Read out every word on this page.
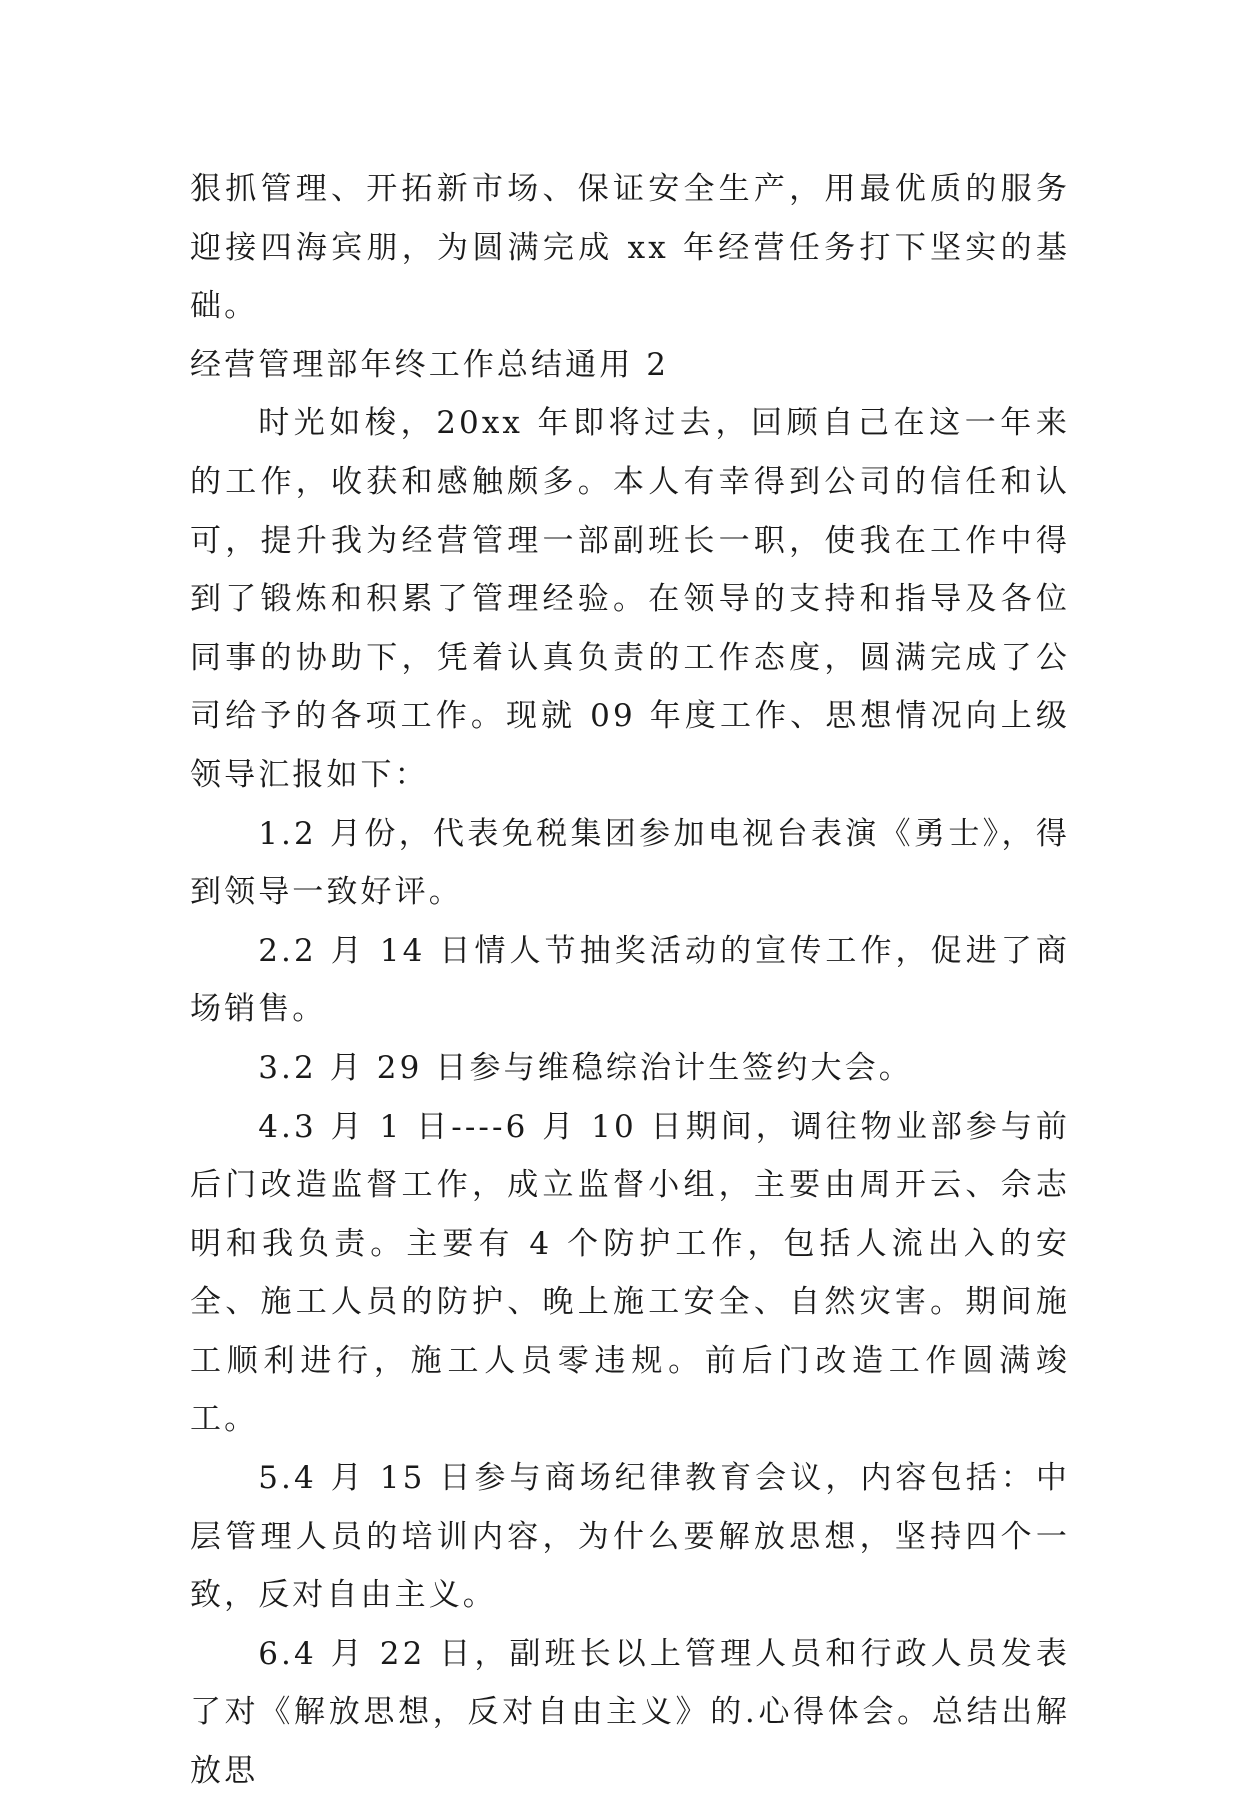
狠抓管理、开拓新市场、保证安全生产，用最优质的服务迎接四海宾朋，为圆满完成 xx 年经营任务打下坚实的基础。

经营管理部年终工作总结通用 2

时光如梭，20xx 年即将过去，回顾自己在这一年来的工作，收获和感触颇多。本人有幸得到公司的信任和认可，提升我为经营管理一部副班长一职，使我在工作中得到了锻炼和积累了管理经验。在领导的支持和指导及各位同事的协助下，凭着认真负责的工作态度，圆满完成了公司给予的各项工作。现就 09 年度工作、思想情况向上级领导汇报如下：

1.2 月份，代表免税集团参加电视台表演《勇士》，得到领导一致好评。

2.2 月 14 日情人节抽奖活动的宣传工作，促进了商场销售。

3.2 月 29 日参与维稳综治计生签约大会。

4.3 月 1 日----6 月 10 日期间，调往物业部参与前后门改造监督工作，成立监督小组，主要由周开云、佘志明和我负责。主要有 4 个防护工作，包括人流出入的安全、施工人员的防护、晚上施工安全、自然灾害。期间施工顺利进行，施工人员零违规。前后门改造工作圆满竣工。

5.4 月 15 日参与商场纪律教育会议，内容包括：中层管理人员的培训内容，为什么要解放思想，坚持四个一致，反对自由主义。

6.4 月 22 日，副班长以上管理人员和行政人员发表了对《解放思想，反对自由主义》的.心得体会。总结出解放思
